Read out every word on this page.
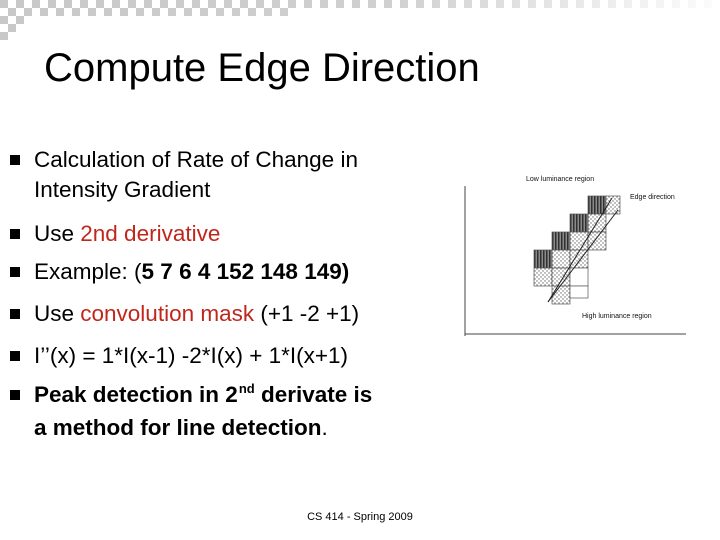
Compute Edge Direction
Calculation of Rate of Change in
Intensity Gradient
Use 2nd derivative
Example: (5 7 6 4 152 148 149)
Use convolution mask (+1 -2 +1)
I’’(x) = 1*I(x-1) -2*I(x) + 1*I(x+1)
Peak detection in 2nd derivate is
a method for line detection.
Low luminance region
Edge direction
High luminance region
CS 414 - Spring 2009
